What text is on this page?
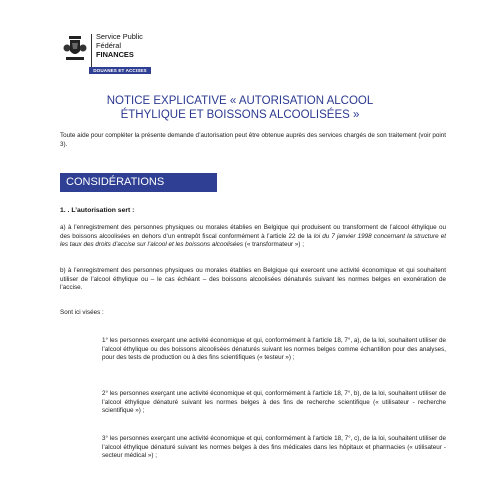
Service Public
Fédéral
FINANCES
DOUANES ET ACCISES
NOTICE EXPLICATIVE « AUTORISATION ALCOOL
ÉTHYLIQUE ET BOISSONS ALCOOLISÉES »
Toute aide pour compléter la présente demande d’autorisation peut être obtenue auprès des services chargés de son traitement (voir point 3).
CONSIDÉRATIONS GÉNÉRALES :
1. . L’autorisation sert :
a) à l’enregistrement des personnes physiques ou morales établies en Belgique qui produisent ou transforment de l’alcool éthylique ou des boissons alcoolisées en dehors d’un entrepôt fiscal conformément à l’article 22 de la loi du 7 janvier 1998 concernant la structure et les taux des droits d’accise sur l’alcool et les boissons alcoolisées (« transformateur ») ;
b) à l’enregistrement des personnes physiques ou morales établies en Belgique qui exercent une activité économique et qui souhaitent utiliser de l’alcool éthylique ou – le cas échéant – des boissons alcoolisées dénaturés suivant les normes belges en exonération de l’accise.
Sont ici visées :
1° les personnes exerçant une activité économique et qui, conformément à l’article 18, 7°, a), de la loi, souhaitent utiliser de l’alcool éthylique ou des boissons alcoolisées dénaturés suivant les normes belges comme échantillon pour des analyses, pour des tests de production ou à des fins scientifiques (« testeur ») ;
2° les personnes exerçant une activité économique et qui, conformément à l’article 18, 7°, b), de la loi, souhaitent utiliser de l’alcool éthylique dénaturé suivant les normes belges à des fins de recherche scientifique (« utilisateur - recherche scientifique ») ;
3° les personnes exerçant une activité économique et qui, conformément à l’article 18, 7°, c), de la loi, souhaitent utiliser de l’alcool éthylique dénaturé suivant les normes belges à des fins médicales dans les hôpitaux et pharmacies (« utilisateur - secteur médical ») ;
